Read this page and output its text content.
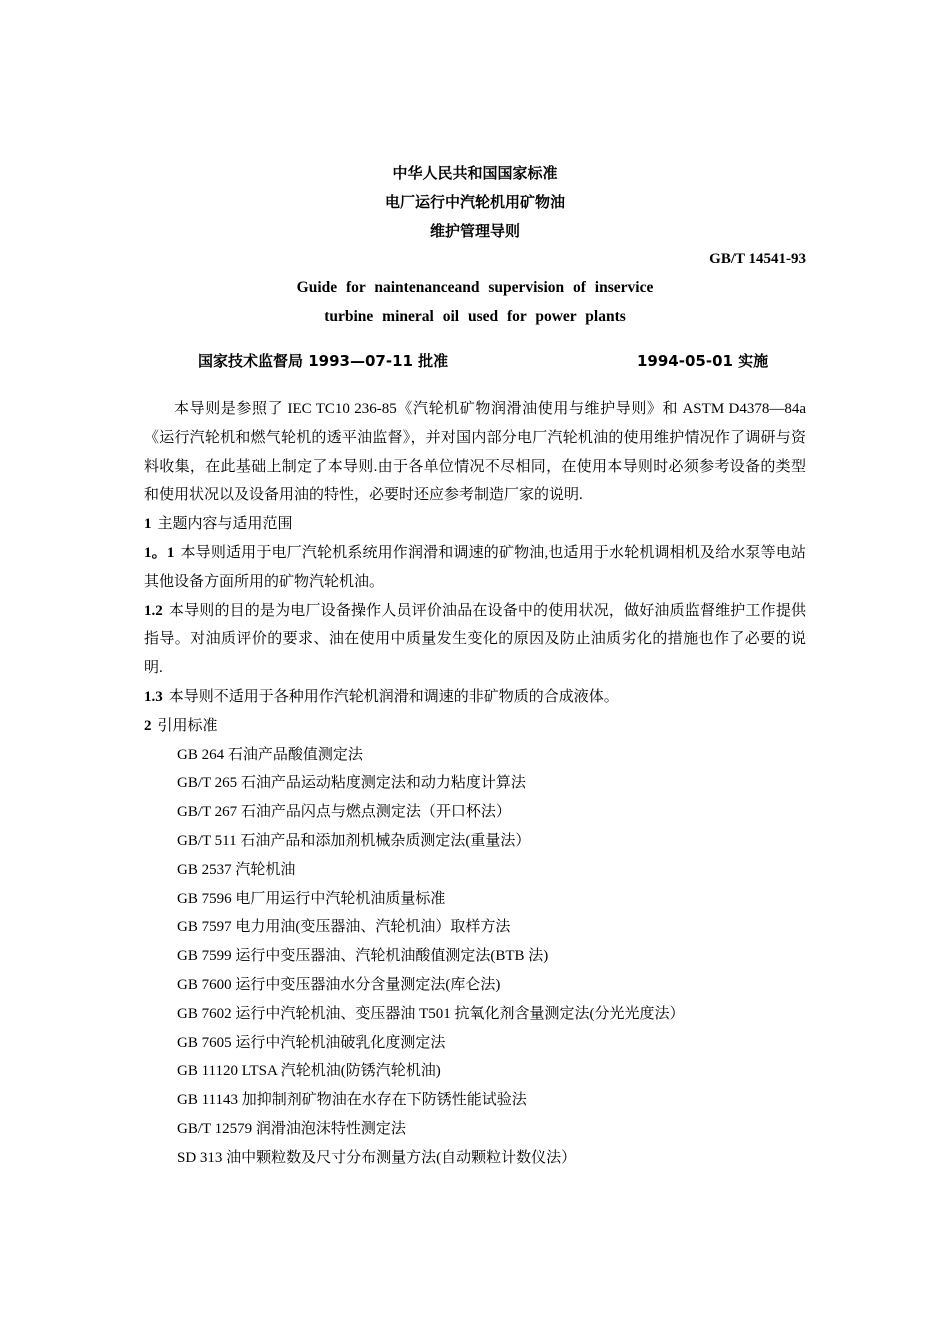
中华人民共和国国家标准
电厂运行中汽轮机用矿物油
维护管理导则
GB/T 14541-93
Guide for naintenanceand supervision of inservice
turbine mineral oil used for power plants
国家技术监督局 1993—07-11 批准	1994-05-01 实施

本导则是参照了 IEC TC10 236-85《汽轮机矿物润滑油使用与维护导则》和 ASTM D4378—84a《运行汽轮机和燃气轮机的透平油监督》，并对国内部分电厂汽轮机油的使用维护情况作了调研与资料收集，在此基础上制定了本导则.由于各单位情况不尽相同，在使用本导则时必须参考设备的类型和使用状况以及设备用油的特性，必要时还应参考制造厂家的说明.

1 主题内容与适用范围

1。1 本导则适用于电厂汽轮机系统用作润滑和调速的矿物油,也适用于水轮机调相机及给水泵等电站其他设备方面所用的矿物汽轮机油。

1.2 本导则的目的是为电厂设备操作人员评价油品在设备中的使用状况，做好油质监督维护工作提供指导。对油质评价的要求、油在使用中质量发生变化的原因及防止油质劣化的措施也作了必要的说明.

1.3 本导则不适用于各种用作汽轮机润滑和调速的非矿物质的合成液体。

2 引用标准

GB 264 石油产品酸值测定法
GB/T 265 石油产品运动粘度测定法和动力粘度计算法
GB/T 267 石油产品闪点与燃点测定法（开口杯法）
GB/T 511 石油产品和添加剂机械杂质测定法(重量法）
GB 2537 汽轮机油
GB 7596 电厂用运行中汽轮机油质量标准
GB 7597 电力用油(变压器油、汽轮机油）取样方法
GB 7599 运行中变压器油、汽轮机油酸值测定法(BTB 法)
GB 7600 运行中变压器油水分含量测定法(库仑法)
GB 7602 运行中汽轮机油、变压器油 T501 抗氧化剂含量测定法(分光光度法）
GB 7605 运行中汽轮机油破乳化度测定法
GB 11120 LTSA 汽轮机油(防锈汽轮机油)
GB 11143 加抑制剂矿物油在水存在下防锈性能试验法
GB/T 12579 润滑油泡沫特性测定法
SD 313 油中颗粒数及尺寸分布测量方法(自动颗粒计数仪法）
